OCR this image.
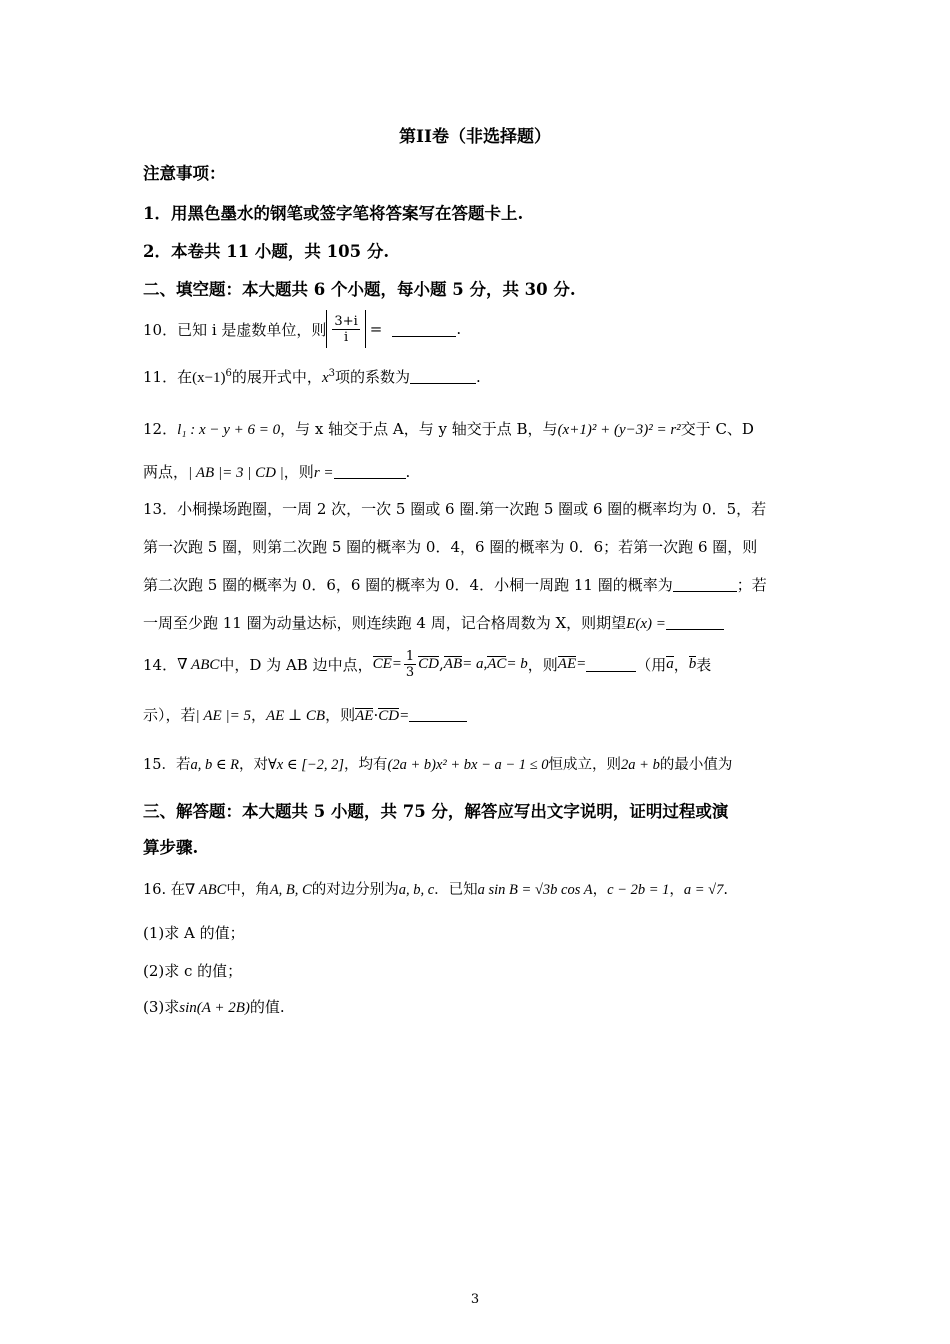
第II卷（非选择题）
注意事项：
1．用黑色墨水的钢笔或签字笔将答案写在答题卡上.
2．本卷共 11 小题，共 105 分.
二、填空题：本大题共 6 个小题，每小题 5 分，共 30 分.
10．已知 i 是虚数单位，则 $\frac{3+i}{i}$ =	.
11．在$(x-1)^6$的展开式中，$x^3$项的系数为	.
12．l₁ : x − y + 6 = 0，与 x 轴交于点 A，与 y 轴交于点 B，与(x+1)² + (y−3)² = r²交于 C、D
两点，| AB |= 3 | CD |，则r =	.
13．小桐操场跑圈，一周 2 次，一次 5 圈或 6 圈.第一次跑 5 圈或 6 圈的概率均为 0．5，若
第一次跑 5 圈，则第二次跑 5 圈的概率为 0．4，6 圈的概率为 0．6；若第一次跑 6 圈，则
第二次跑 5 圈的概率为 0．6，6 圈的概率为 0．4．小桐一周跑 11 圈的概率为	；若
一周至少跑 11 圈为动量达标，则连续跑 4 周，记合格周数为 X，则期望E(x) =
14． ∇ ABC 中，D 为 AB 边中点， CE = $\frac{1}{3}$ CD , AB = a, AC = b ，则 AE =	（用 a ， b 表
示），若| AE |= 5，AE ⊥ CB，则AE·CD=
15．若a, b ∈ R，对∀x ∈ [−2, 2]，均有(2a + b)x² + bx − a − 1 ≤ 0恒成立，则2a + b的最小值为
三、解答题：本大题共 5 小题，共 75 分，解答应写出文字说明，证明过程或演
算步骤.
16. 在∇ ABC中，角A, B, C的对边分别为a, b, c．已知a sin B = √3b cos A，c − 2b = 1，a = √7.
(1)求 A 的值；
(2)求 c 的值；
(3)求sin(A + 2B)的值.
3
